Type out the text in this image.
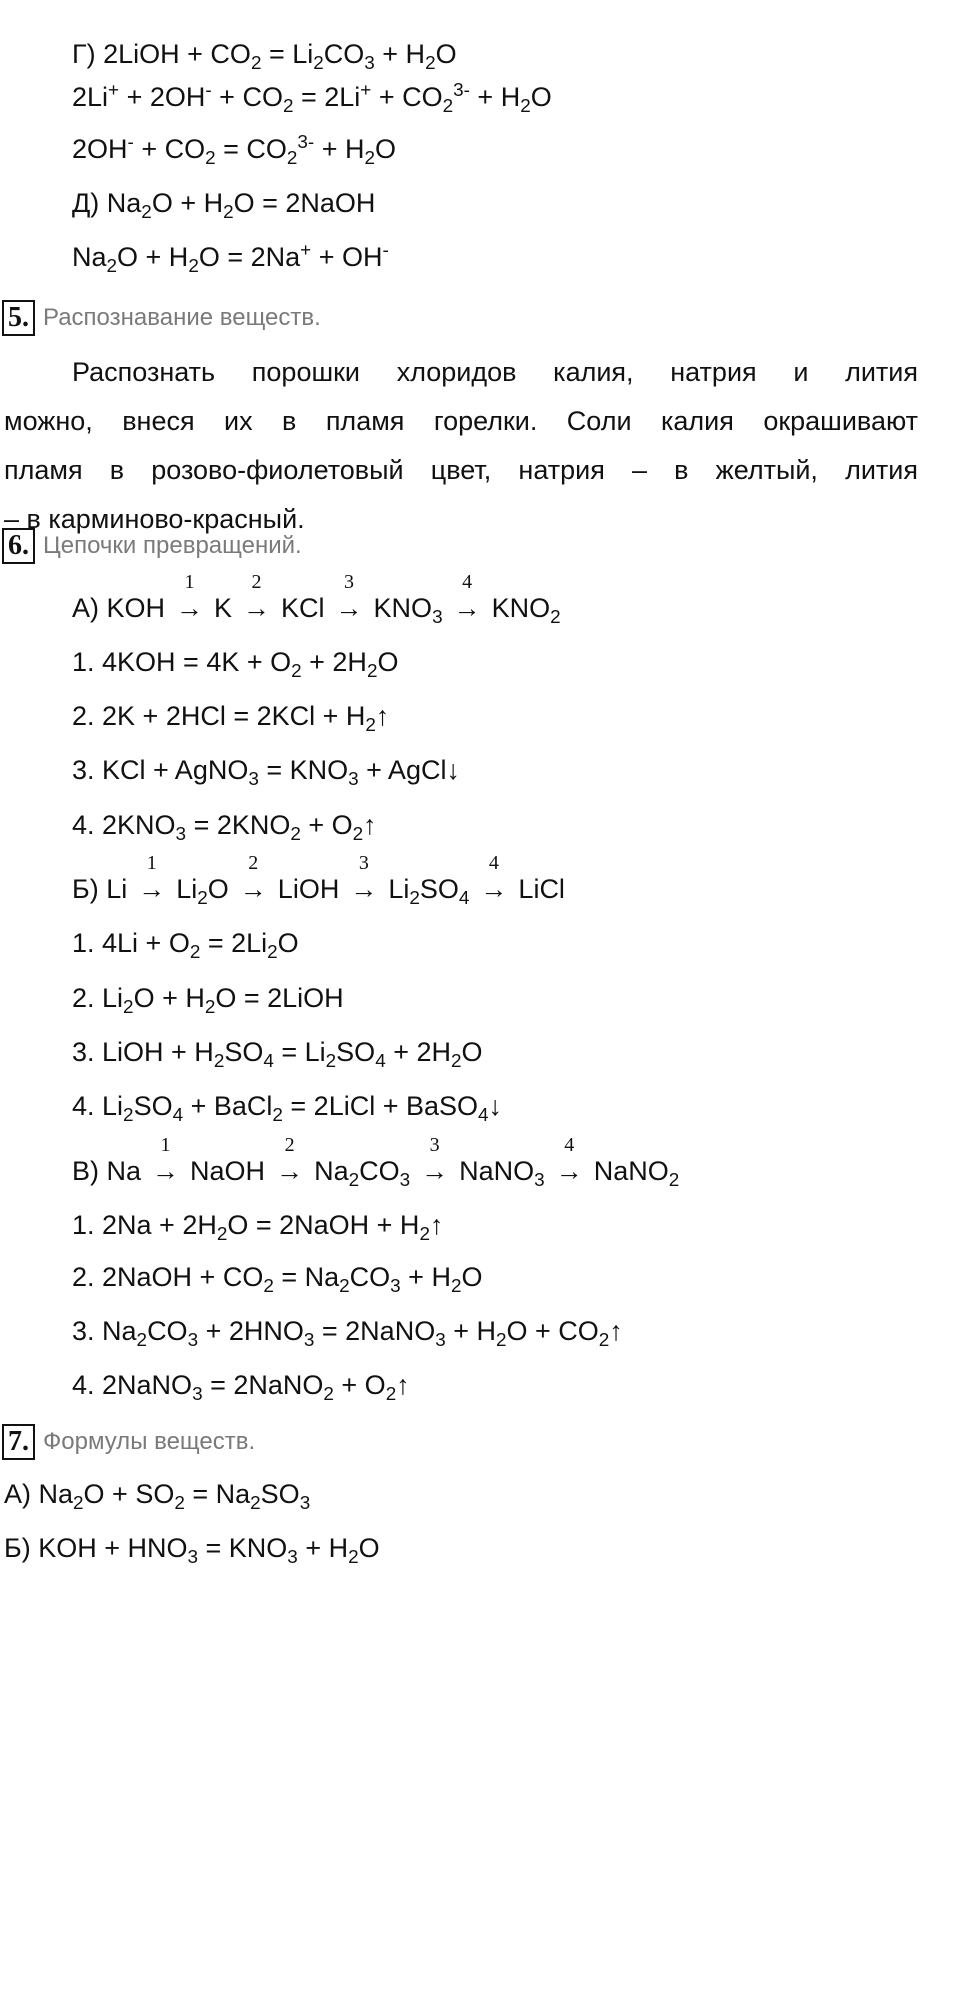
Г) 2LiOH + $CO_2 = Li_2CO_3 + H_2O$
$2Li^+ + 2OH^- + CO_2 = 2Li^+ + CO_2^{3-} + H_2O$
$2OH^- + CO_2 = CO_2^{3-} + H_2O$
Д) $Na_2O + H_2O$ = 2NaOH
$Na_2O + H_2O = 2Na^+ + OH^-$
5. Распознавание веществ.
Распознать порошки хлоридов калия, натрия и лития
можно, внеся их в пламя горелки. Соли калия окрашивают
пламя в розово-фиолетовый цвет, натрия – в желтый, лития
– в карминово-красный.
6. Цепочки превращений.
А) KOH →
1
K →
2
KCl →
3
$KNO_3$ →
4
$KNO_2$
1. $4KOH = 4K + O_2 + 2H_2O$
2. $2K + 2HCl = 2KCl + H_2↑$
3. KCl + AgNO$_3$ = $KNO_3$ + AgCl↓
4. $2KNO_3 = 2KNO_2$ + $O_2↑$
Б) Li →
1
$Li_2O$ →
2
LiOH →
3
$Li_2SO_4$ →
4
LiCl
1. $4Li + O_2 = 2Li_2O$
2. $Li_2O + H_2O$ = 2LiOH
3. LiOH + $H_2SO_4 = Li_2SO_4 + 2H_2O$
4. $Li_2SO_4$ + BaCl$_2$ = 2LiCl + BaSO$_4$↓
В) Na →
1
NaOH →
2
$Na_2CO_3$ →
3
NaNO$_3$ →
4
NaNO$_2$
1. $2Na + 2H_2O$ = 2NaOH + $H_2↑$
2. 2NaOH + $CO_2 = Na_2CO_3 + H_2O$
3. $Na_2CO_3 + 2HNO_3$ = 2NaNO$_3$ + $H_2O$ + $CO_2↑$
4. 2NaNO$_3$ = 2NaNO$_2$ + $O_2↑$
7. Формулы веществ.
А) $Na_2O + SO_2 = Na_2SO_3$
Б) KOH + $HNO_3 = KNO_3 + H_2O$
